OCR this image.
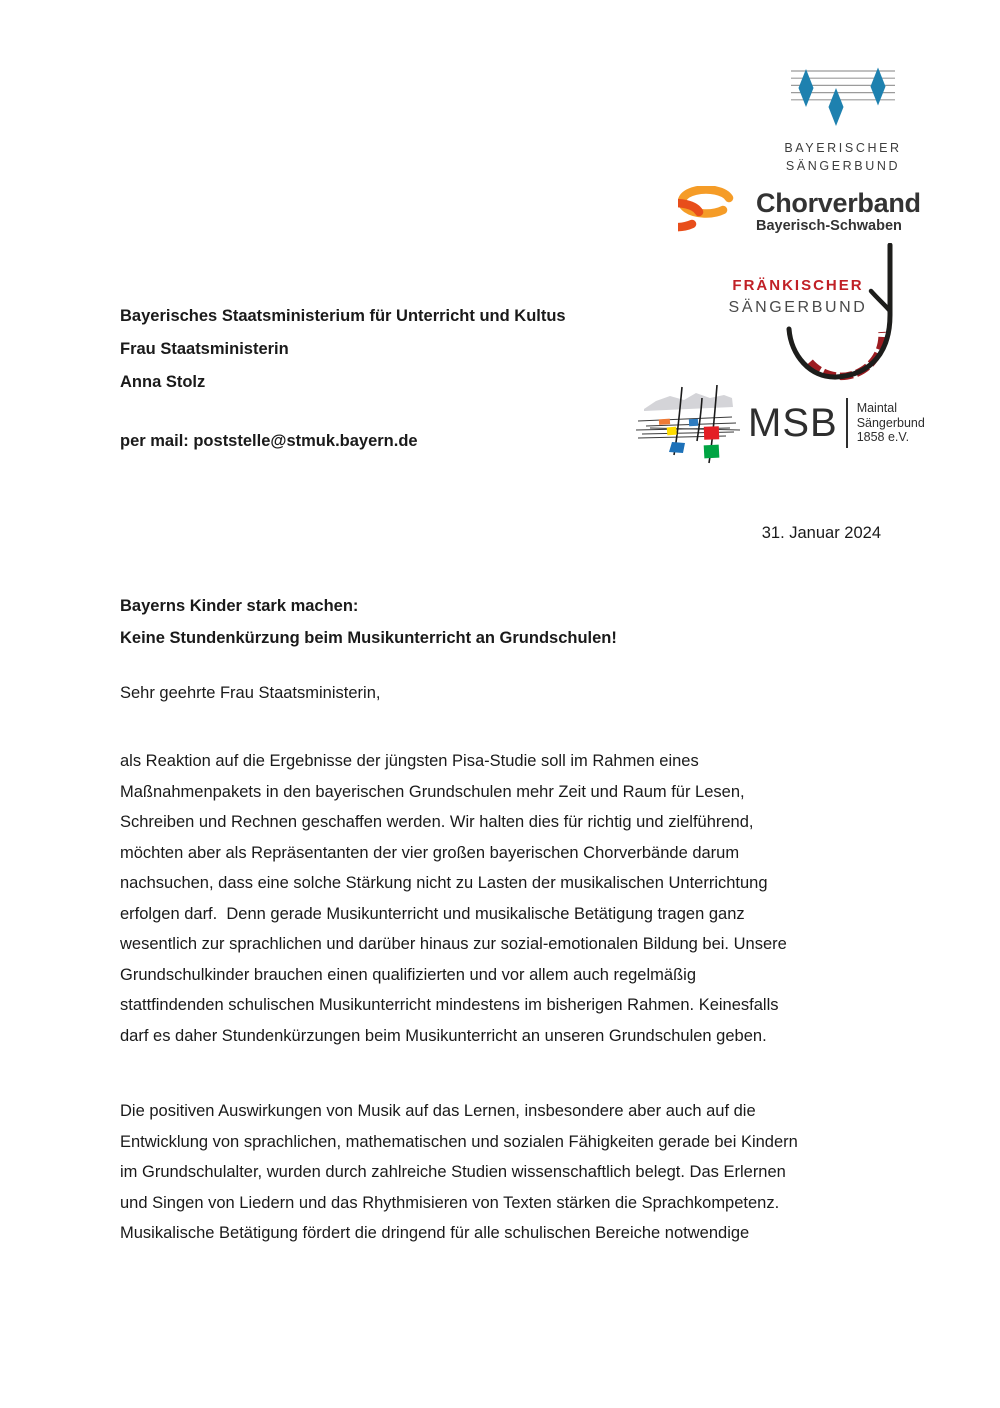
BAYERISCHER
SÄNGERBUND
Chorverband
Bayerisch-Schwaben
FRÄNKISCHER
SÄNGERBUND
MSB Maintal
Sängerbund
1858 e.V.
Bayerisches Staatsministerium für Unterricht und Kultus
Frau Staatsministerin
Anna Stolz
per mail: poststelle@stmuk.bayern.de
31. Januar 2024
Bayerns Kinder stark machen:
Keine Stundenkürzung beim Musikunterricht an Grundschulen!
Sehr geehrte Frau Staatsministerin,
als Reaktion auf die Ergebnisse der jüngsten Pisa-Studie soll im Rahmen eines
Maßnahmenpakets in den bayerischen Grundschulen mehr Zeit und Raum für Lesen,
Schreiben und Rechnen geschaffen werden. Wir halten dies für richtig und zielführend,
möchten aber als Repräsentanten der vier großen bayerischen Chorverbände darum
nachsuchen, dass eine solche Stärkung nicht zu Lasten der musikalischen Unterrichtung
erfolgen darf.  Denn gerade Musikunterricht und musikalische Betätigung tragen ganz
wesentlich zur sprachlichen und darüber hinaus zur sozial-emotionalen Bildung bei. Unsere
Grundschulkinder brauchen einen qualifizierten und vor allem auch regelmäßig
stattfindenden schulischen Musikunterricht mindestens im bisherigen Rahmen. Keinesfalls
darf es daher Stundenkürzungen beim Musikunterricht an unseren Grundschulen geben.
Die positiven Auswirkungen von Musik auf das Lernen, insbesondere aber auch auf die
Entwicklung von sprachlichen, mathematischen und sozialen Fähigkeiten gerade bei Kindern
im Grundschulalter, wurden durch zahlreiche Studien wissenschaftlich belegt. Das Erlernen
und Singen von Liedern und das Rhythmisieren von Texten stärken die Sprachkompetenz.
Musikalische Betätigung fördert die dringend für alle schulischen Bereiche notwendige
